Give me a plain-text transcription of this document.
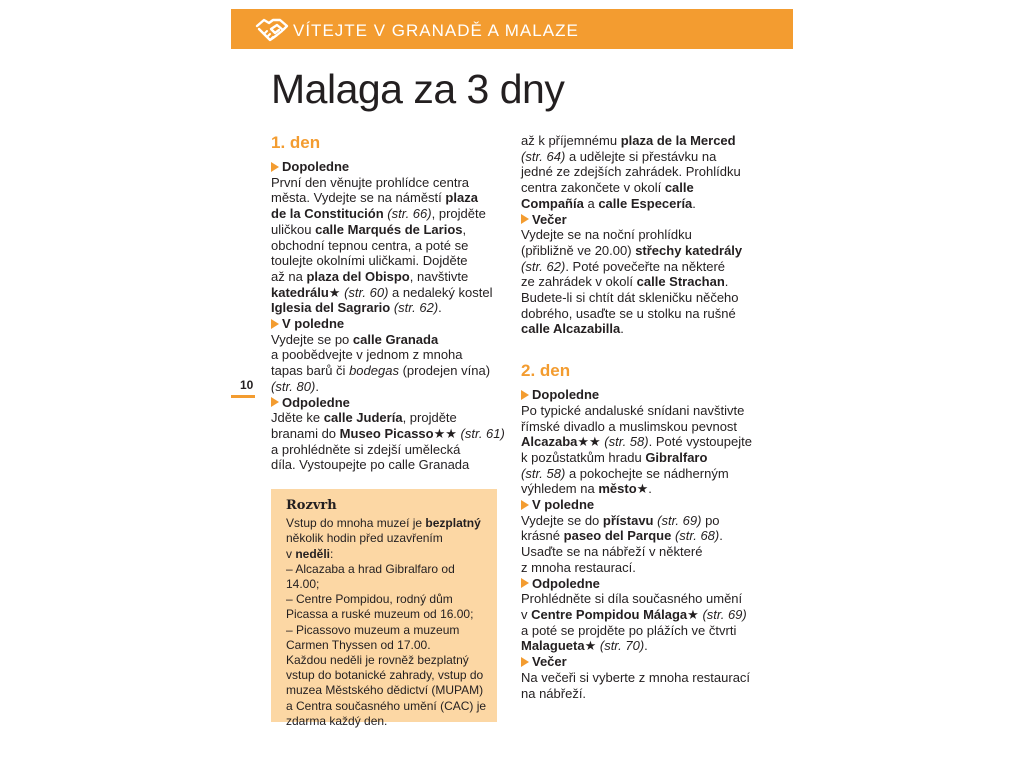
VÍTEJTE V GRANADĚ A MALAZE
Malaga za 3 dny
10
1. den

Dopoledne

První den věnujte prohlídce centra
města. Vydejte se na náměstí plaza
de la Constitución (str. 66), projděte
uličkou calle Marqués de Larios,
obchodní tepnou centra, a poté se
toulejte okolními uličkami. Dojděte
až na plaza del Obispo, navštivte
katedrálu★ (str. 60) a nedaleký kostel
Iglesia del Sagrario (str. 62).

V poledne

Vydejte se po calle Granada
a poobědvejte v jednom z mnoha
tapas barů či bodegas (prodejen vína)
(str. 80).

Odpoledne

Jděte ke calle Judería, projděte
branami do Museo Picasso★★ (str. 61)
a prohlédněte si zdejší umělecká
díla. Vystoupejte po calle Granada

Rozvrh

Vstup do mnoha muzeí je bezplatný
několik hodin před uzavřením
v neděli:
– Alcazaba a hrad Gibralfaro od 14.00;
– Centre Pompidou, rodný dům
Picassa a ruské muzeum od 16.00;
– Picassovo muzeum a muzeum
Carmen Thyssen od 17.00.
Každou neděli je rovněž bezplatný
vstup do botanické zahrady, vstup do
muzea Městského dědictví (MUPAM)
a Centra současného umění (CAC) je
zdarma každý den.

až k příjemnému plaza de la Merced
(str. 64) a udělejte si přestávku na
jedné ze zdejších zahrádek. Prohlídku
centra zakončete v okolí calle
Compañía a calle Especería.

Večer

Vydejte se na noční prohlídku
(přibližně ve 20.00) střechy katedrály
(str. 62). Poté povečeřte na některé
ze zahrádek v okolí calle Strachan.
Budete-li si chtít dát skleničku něčeho
dobrého, usaďte se u stolku na rušné
calle Alcazabilla.

2. den

Dopoledne

Po typické andaluské snídani navštivte
římské divadlo a muslimskou pevnost
Alcazaba★★ (str. 58). Poté vystoupejte
k pozůstatkům hradu Gibralfaro
(str. 58) a pokochejte se nádherným
výhledem na město★.

V poledne

Vydejte se do přístavu (str. 69) po
krásné paseo del Parque (str. 68).
Usaďte se na nábřeží v některé
z mnoha restaurací.

Odpoledne

Prohlédněte si díla současného umění
v Centre Pompidou Málaga★ (str. 69)
a poté se projděte po plážích ve čtvrti
Malagueta★ (str. 70).

Večer

Na večeři si vyberte z mnoha restaurací
na nábřeží.
